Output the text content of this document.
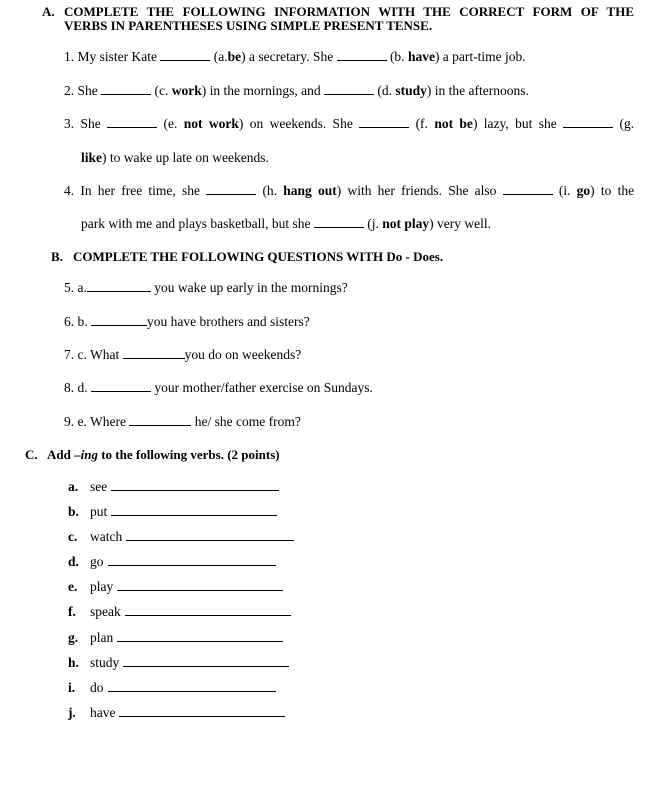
A. COMPLETE THE FOLLOWING INFORMATION WITH THE CORRECT FORM OF THE
VERBS IN PARENTHESES USING SIMPLE PRESENT TENSE.
1. My sister Kate	(a.be) a secretary. She	(b. have) a part-time job.
2. She	(c. work) in the mornings, and	(d. study) in the afternoons.
3. She	(e. not work) on weekends. She	(f. not be) lazy, but she	(g.
like) to wake up late on weekends.
4. In her free time, she	(h. hang out) with her friends. She also	(i. go) to the
park with me and plays basketball, but she	(j. not play) very well.
B. COMPLETE THE FOLLOWING QUESTIONS WITH Do - Does.
5. a.	you wake up early in the mornings?
6. b.	you have brothers and sisters?
7. c. What	you do on weekends?
8. d.	your mother/father exercise on Sundays.
9. e. Where	he/ she come from?
C. Add –ing to the following verbs. (2 points)
a. see
b. put
c. watch
d. go
e. play
f. speak
g. plan
h. study
i. do
j. have
